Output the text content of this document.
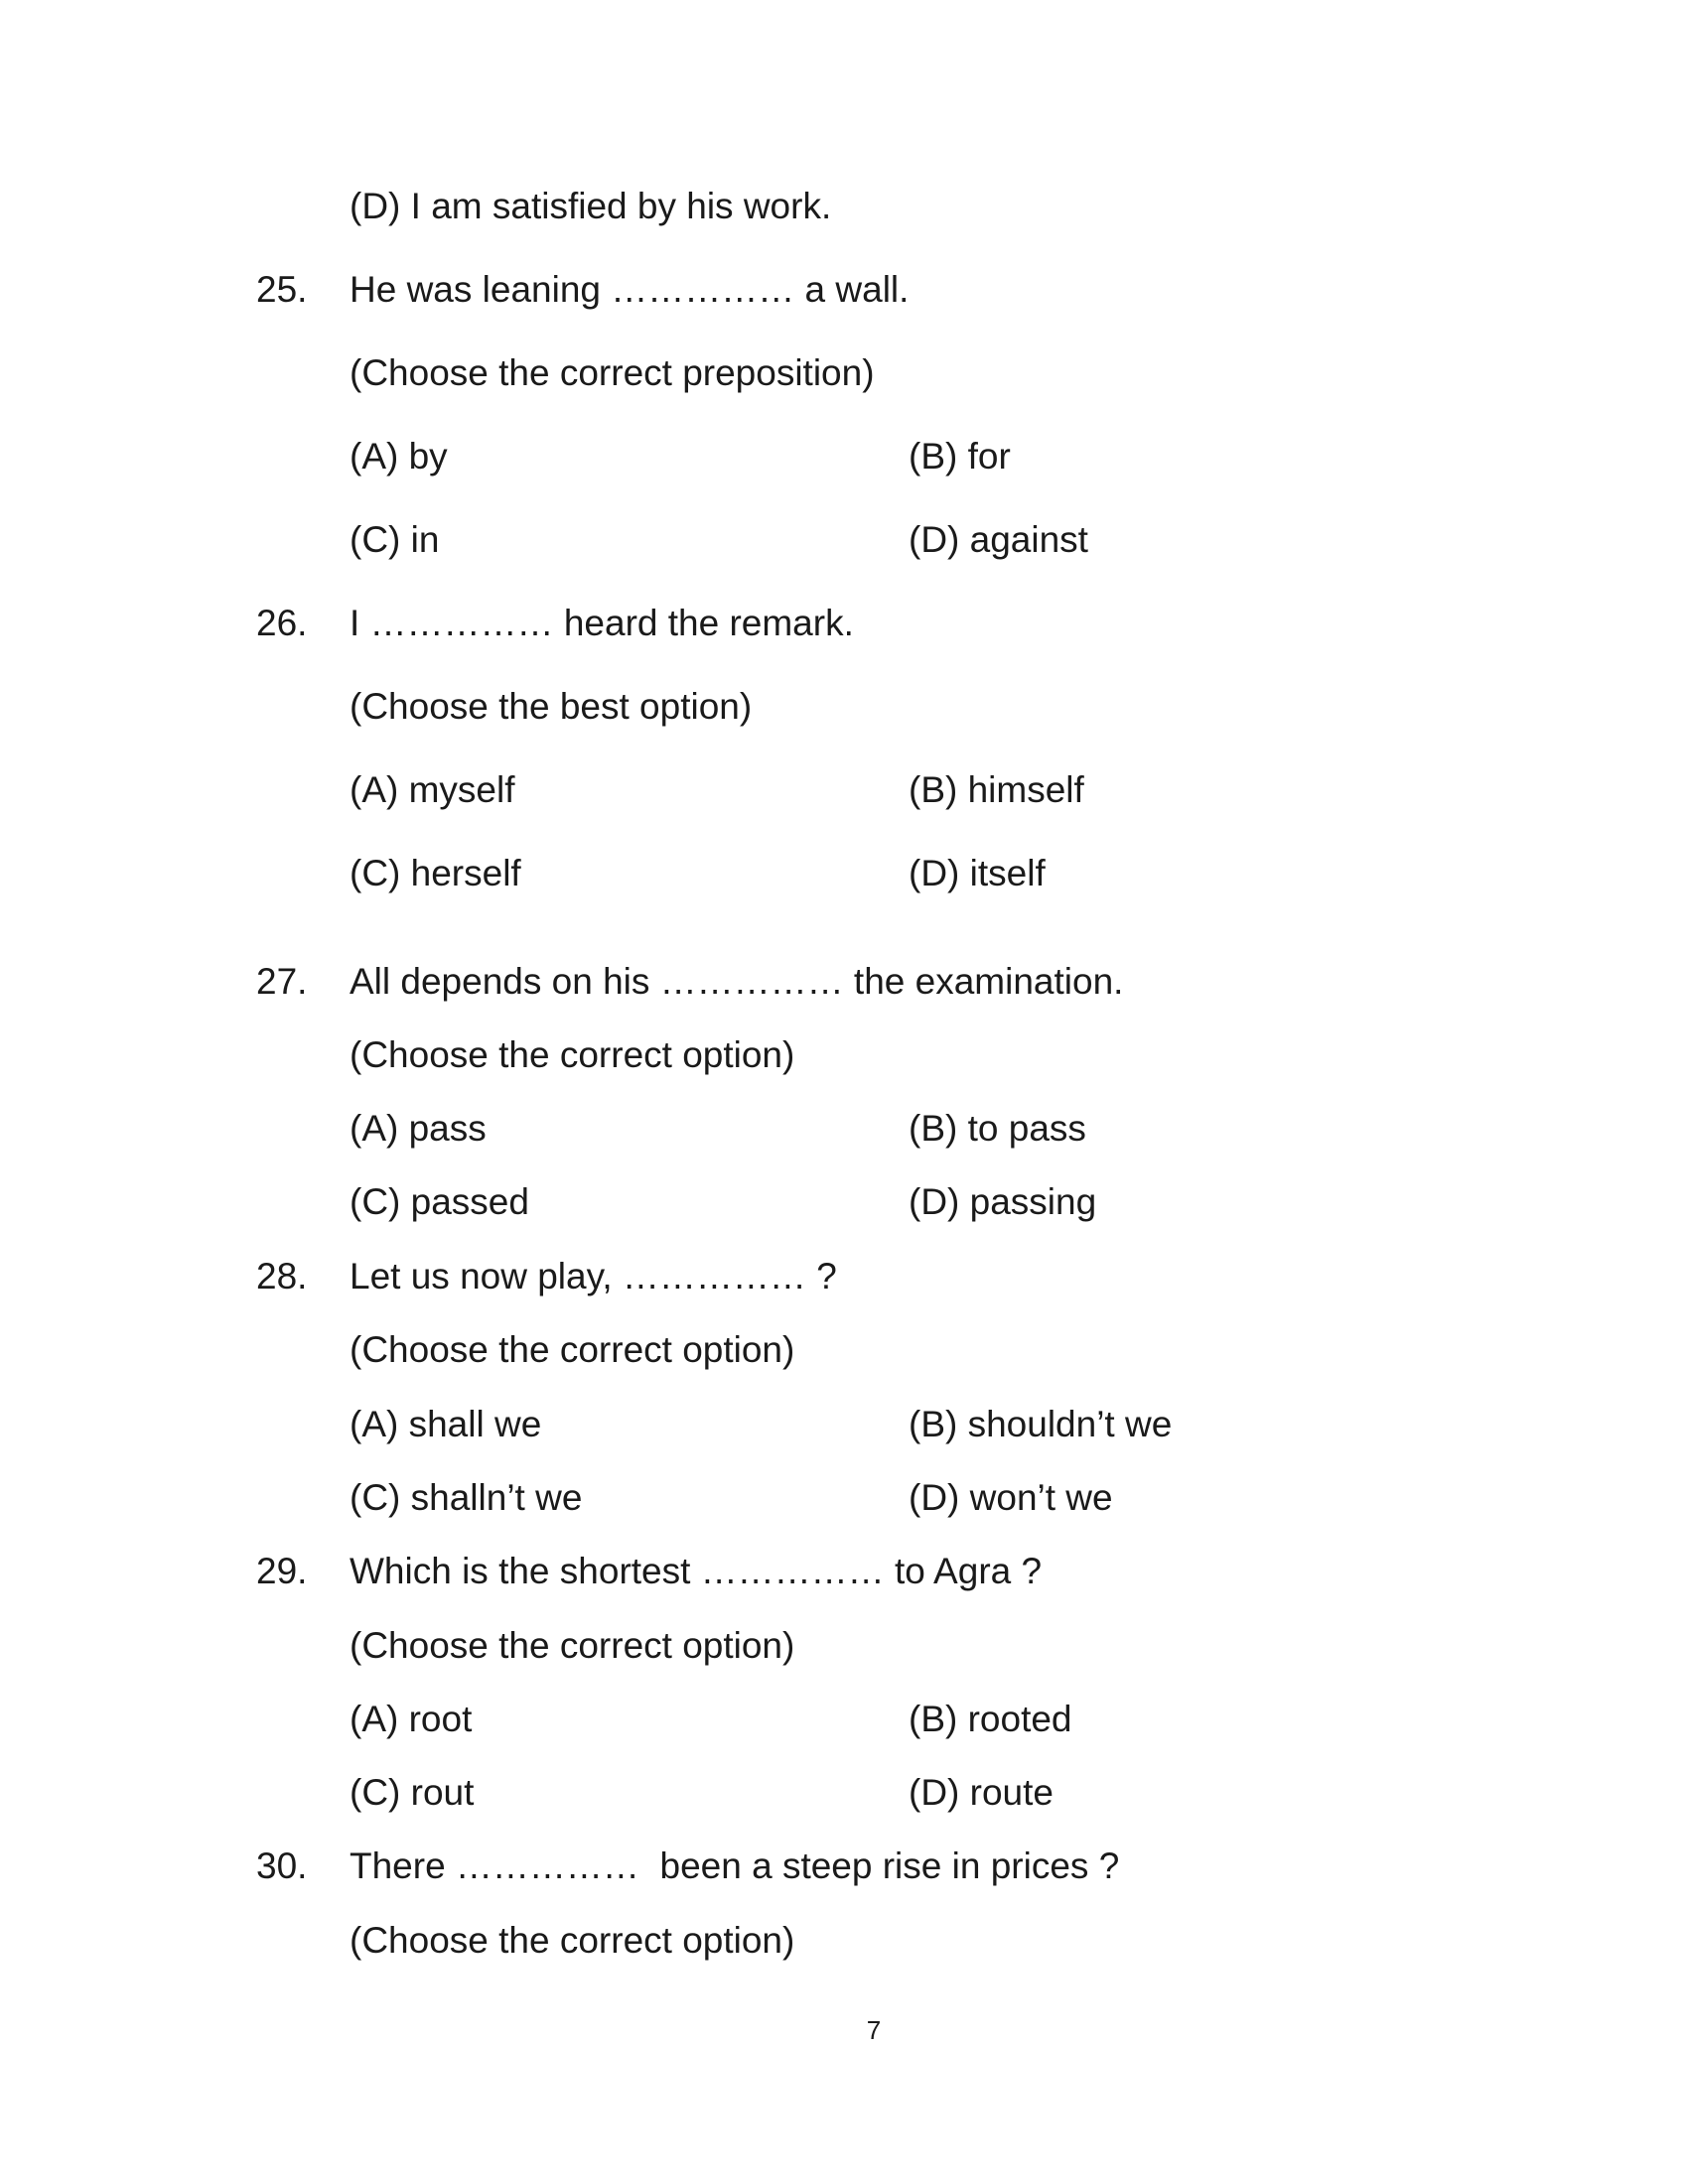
(D) I am satisfied by his work.
25. He was leaning …………… a wall.
(Choose the correct preposition)
(A) by	(B) for
(C) in	(D) against
26. I …………… heard the remark.
(Choose the best option)
(A) myself	(B) himself
(C) herself	(D) itself
27. All depends on his …………… the examination.
(Choose the correct option)
(A) pass	(B) to pass
(C) passed	(D) passing
28. Let us now play, …………… ?
(Choose the correct option)
(A) shall we	(B) shouldn’t we
(C) shalln’t we	(D) won’t we
29. Which is the shortest …………… to Agra ?
(Choose the correct option)
(A) root	(B) rooted
(C) rout	(D) route
30. There ……………  been a steep rise in prices ?
(Choose the correct option)
7
